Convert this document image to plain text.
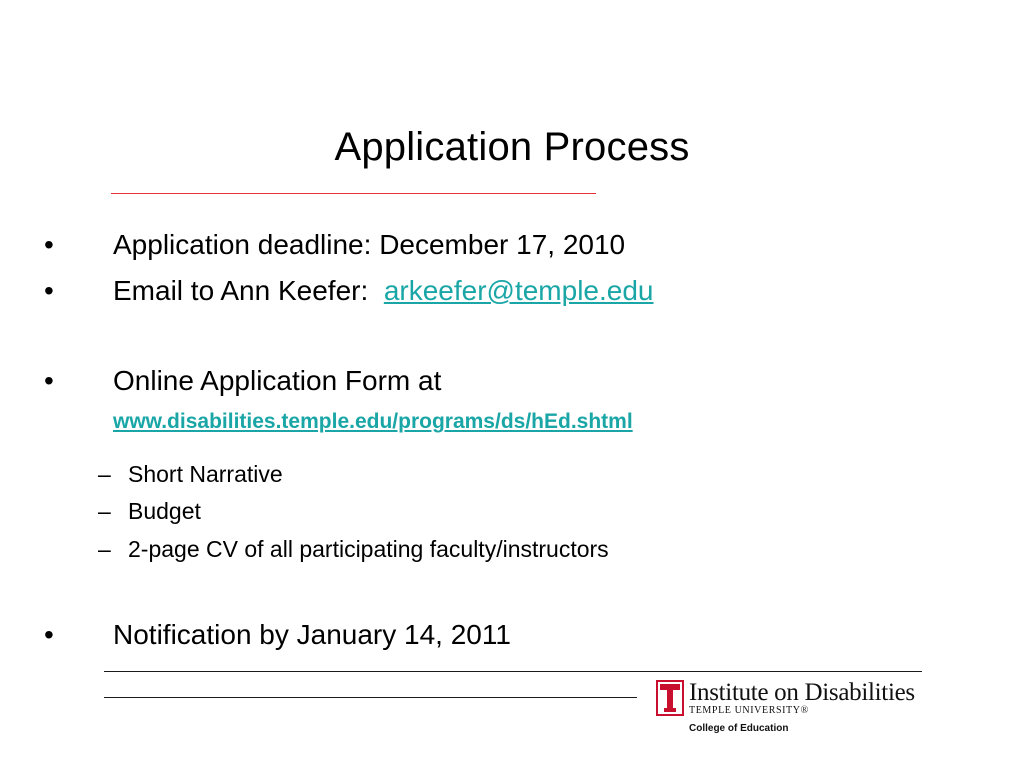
Application Process
• Application deadline: December 17, 2010
• Email to Ann Keefer:  arkeefer@temple.edu
• Online Application Form at
www.disabilities.temple.edu/programs/ds/hEd.shtml
– Short Narrative
– Budget
– 2-page CV of all participating faculty/instructors
• Notification by January 14, 2011
Institute on Disabilities
TEMPLE UNIVERSITY®
College of Education
